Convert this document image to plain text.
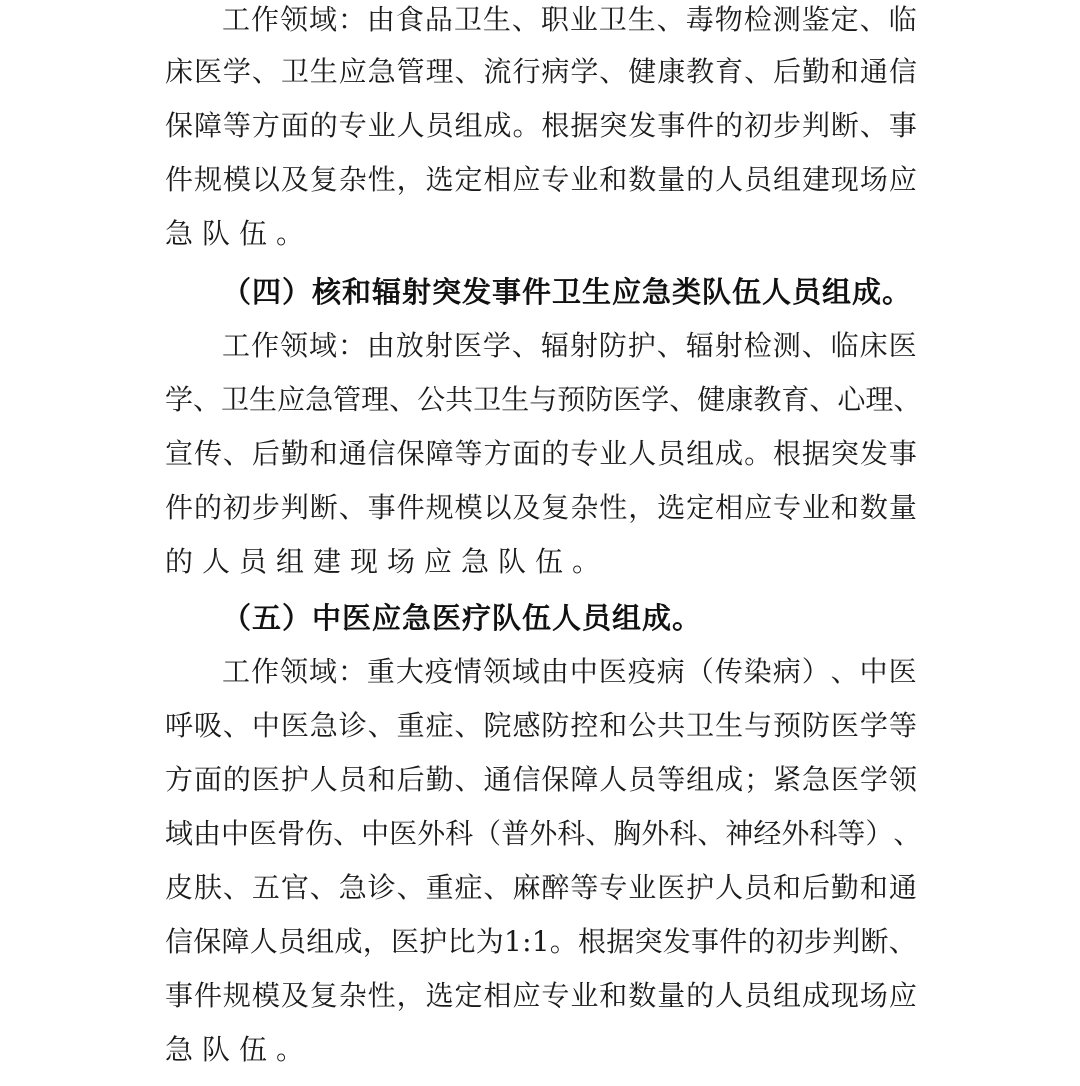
工 作 领 域 ： 由 食 品 卫 生 、 职 业 卫 生 、 毒 物 检 测 鉴 定 、 临
床 医 学 、 卫 生 应 急 管 理 、 流 行 病 学 、 健 康 教 育 、 后 勤 和 通 信
保 障 等 方 面 的 专 业 人 员 组 成 。 根 据 突 发 事 件 的 初 步 判 断 、 事
件 规 模 以 及 复 杂 性 ， 选 定 相 应 专 业 和 数 量 的 人 员 组 建 现 场 应
急队伍。
（四）核和辐射突发事件卫生应急类队伍人员组成。
工 作 领 域 ： 由 放 射 医 学 、 辐 射 防 护 、 辐 射 检 测 、 临 床 医
学 、 卫 生 应 急 管 理 、 公 共 卫 生 与 预 防 医 学 、 健 康 教 育 、 心 理 、
宣 传 、 后 勤 和 通 信 保 障 等 方 面 的 专 业 人 员 组 成 。 根 据 突 发 事
件 的 初 步 判 断 、 事 件 规 模 以 及 复 杂 性 ， 选 定 相 应 专 业 和 数 量
的人员组建现场应急队伍。
（五）中医应急医疗队伍人员组成。
工 作 领 域 ： 重 大 疫 情 领 域 由 中 医 疫 病 （ 传 染 病 ） 、 中 医
呼 吸 、 中 医 急 诊 、 重 症 、 院 感 防 控 和 公 共 卫 生 与 预 防 医 学 等
方 面 的 医 护 人 员 和 后 勤 、 通 信 保 障 人 员 等 组 成 ； 紧 急 医 学 领
域 由 中 医 骨 伤 、 中 医 外 科 （ 普 外 科 、 胸 外 科 、 神 经 外 科 等 ） 、
皮 肤 、 五 官 、 急 诊 、 重 症 、 麻 醉 等 专 业 医 护 人 员 和 后 勤 和 通
信 保 障 人 员 组 成 ， 医 护 比 为 1 : 1 。 根 据 突 发 事 件 的 初 步 判 断 、
事 件 规 模 及 复 杂 性 ， 选 定 相 应 专 业 和 数 量 的 人 员 组 成 现 场 应
急队伍。
